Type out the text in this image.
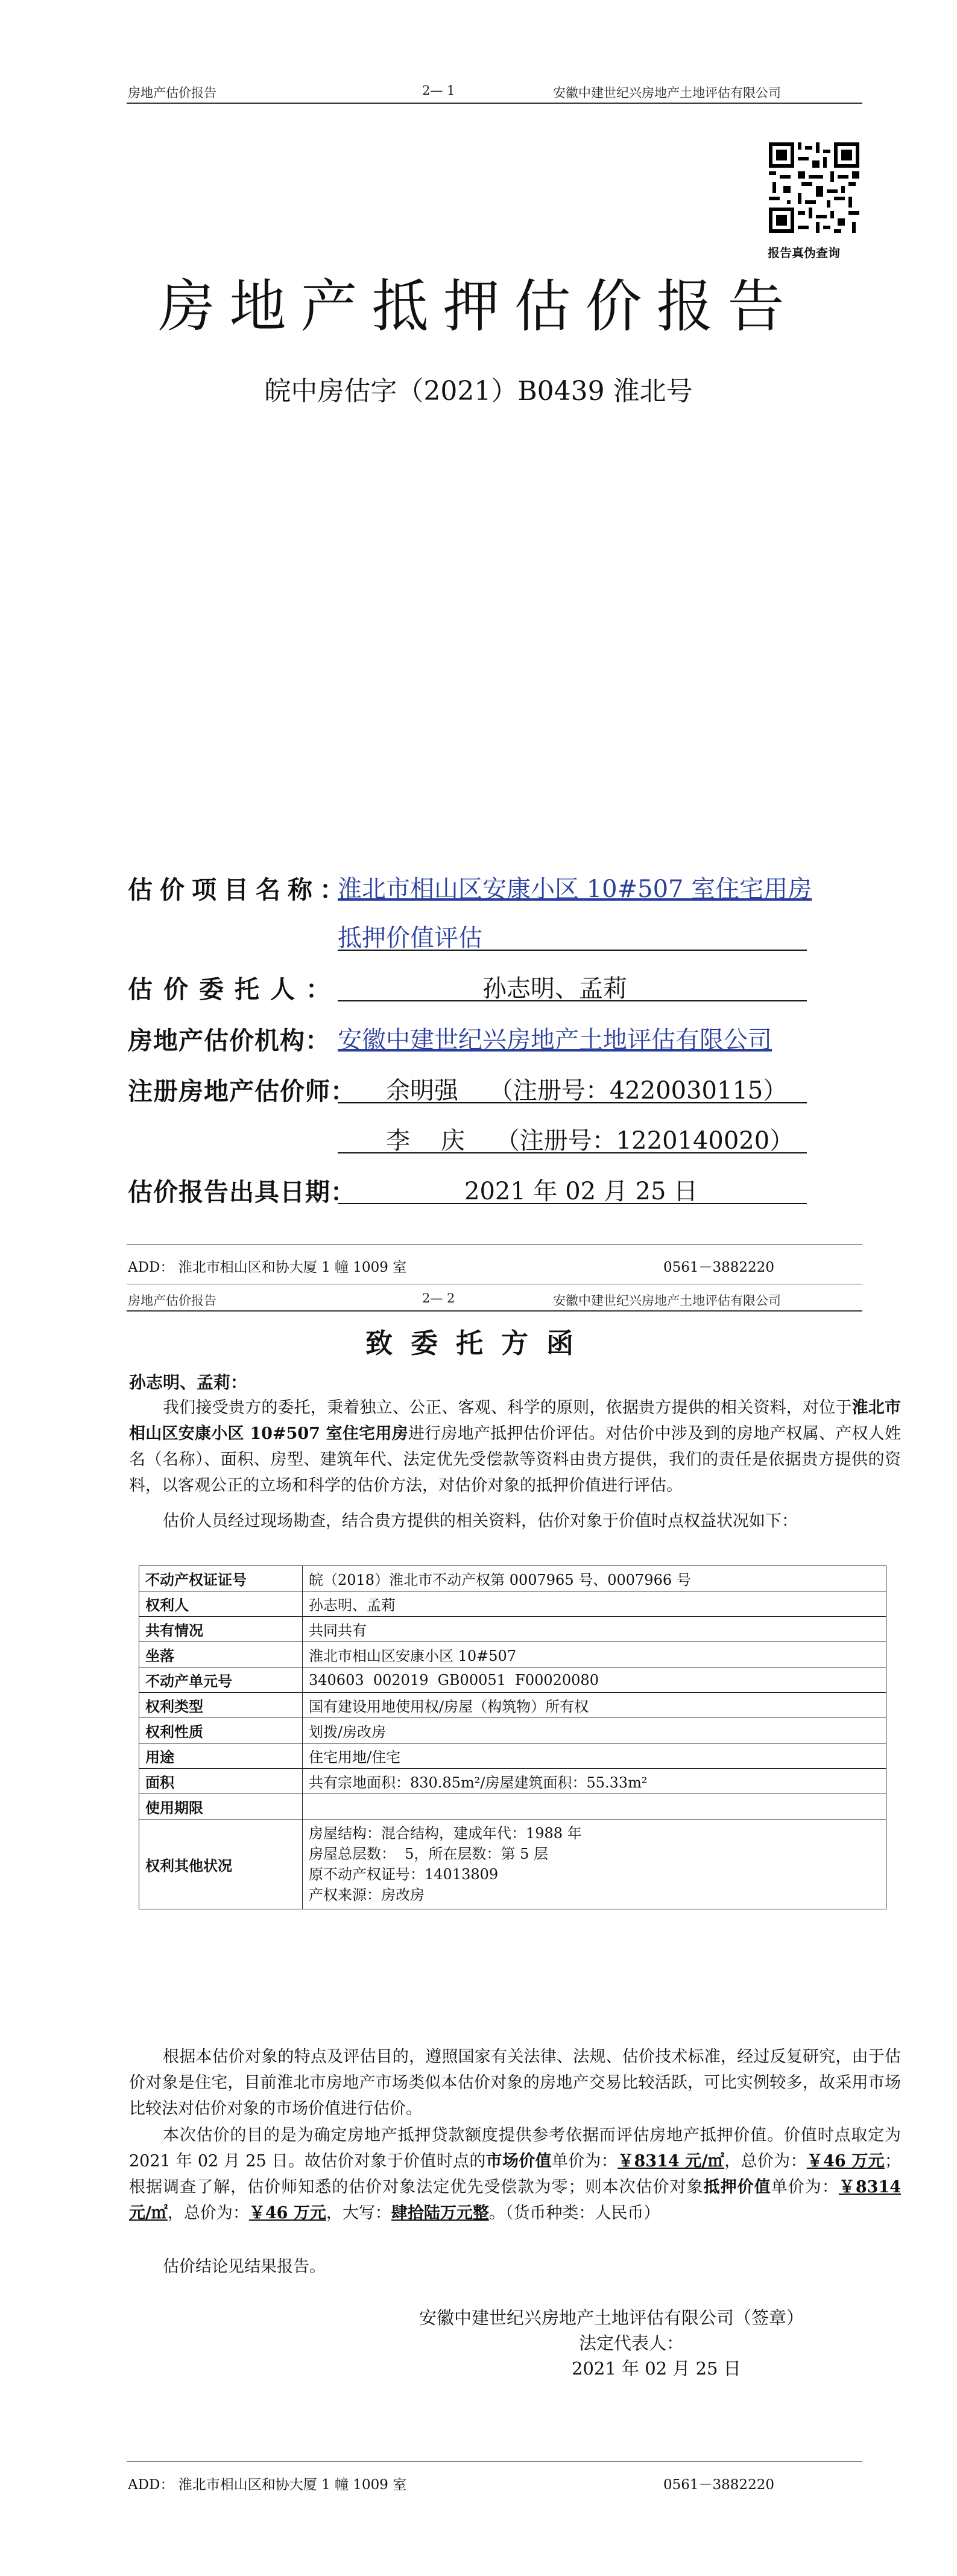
房地产估价报告	2— 1	安徽中建世纪兴房地产土地评估有限公司
报告真伪查询
房地产抵押估价报告
皖中房估字（2021）B0439 淮北号
估价项目名称：
淮北市相山区安康小区 10#507 室住宅用房
抵押价值评估
估价委托人：	孙志明、孟莉
房地产估价机构： 安徽中建世纪兴房地产土地评估有限公司
注册房地产估价师： 余明强    （注册号：4220030115）
李    庆    （注册号：1220140020）
估价报告出具日期：	2021 年 02 月 25 日
ADD： 淮北市相山区和协大厦 1 幢 1009 室	0561－3882220
房地产估价报告	2— 2	安徽中建世纪兴房地产土地评估有限公司
致委托方函
孙志明、孟莉：
我们接受贵方的委托，秉着独立、公正、客观、科学的原则，依据贵方提供的相关资料，对位于淮北市相山区安康小区 10#507 室住宅用房进行房地产抵押估价评估。对估价中涉及到的房地产权属、产权人姓名（名称）、面积、房型、建筑年代、法定优先受偿款等资料由贵方提供，我们的责任是依据贵方提供的资料，以客观公正的立场和科学的估价方法，对估价对象的抵押价值进行评估。
估价人员经过现场勘查，结合贵方提供的相关资料，估价对象于价值时点权益状况如下：
不动产权证证号	皖（2018）淮北市不动产权第 0007965 号、0007966 号
权利人	孙志明、孟莉
共有情况	共同共有
坐落	淮北市相山区安康小区 10#507
不动产单元号	340603  002019  GB00051  F00020080
权利类型	国有建设用地使用权/房屋（构筑物）所有权
权利性质	划拨/房改房
用途	住宅用地/住宅
面积	共有宗地面积：830.85m²/房屋建筑面积：55.33m²
使用期限	
权利其他状况	房屋结构：混合结构，建成年代：1988 年
房屋总层数：  5，所在层数：第 5 层
原不动产权证号：14013809
产权来源：房改房
根据本估价对象的特点及评估目的，遵照国家有关法律、法规、估价技术标准，经过反复研究，由于估价对象是住宅，目前淮北市房地产市场类似本估价对象的房地产交易比较活跃，可比实例较多，故采用市场比较法对估价对象的市场价值进行估价。
本次估价的目的是为确定房地产抵押贷款额度提供参考依据而评估房地产抵押价值。价值时点取定为 2021 年 02 月 25 日。故估价对象于价值时点的市场价值单价为：￥8314 元/㎡，总价为：￥46 万元；根据调查了解，估价师知悉的估价对象法定优先受偿款为零；则本次估价对象抵押价值单价为：￥8314 元/㎡，总价为：￥46 万元，大写：肆拾陆万元整。（货币种类：人民币）
估价结论见结果报告。
安徽中建世纪兴房地产土地评估有限公司（签章）
法定代表人：
2021 年 02 月 25 日
ADD： 淮北市相山区和协大厦 1 幢 1009 室	0561－3882220
